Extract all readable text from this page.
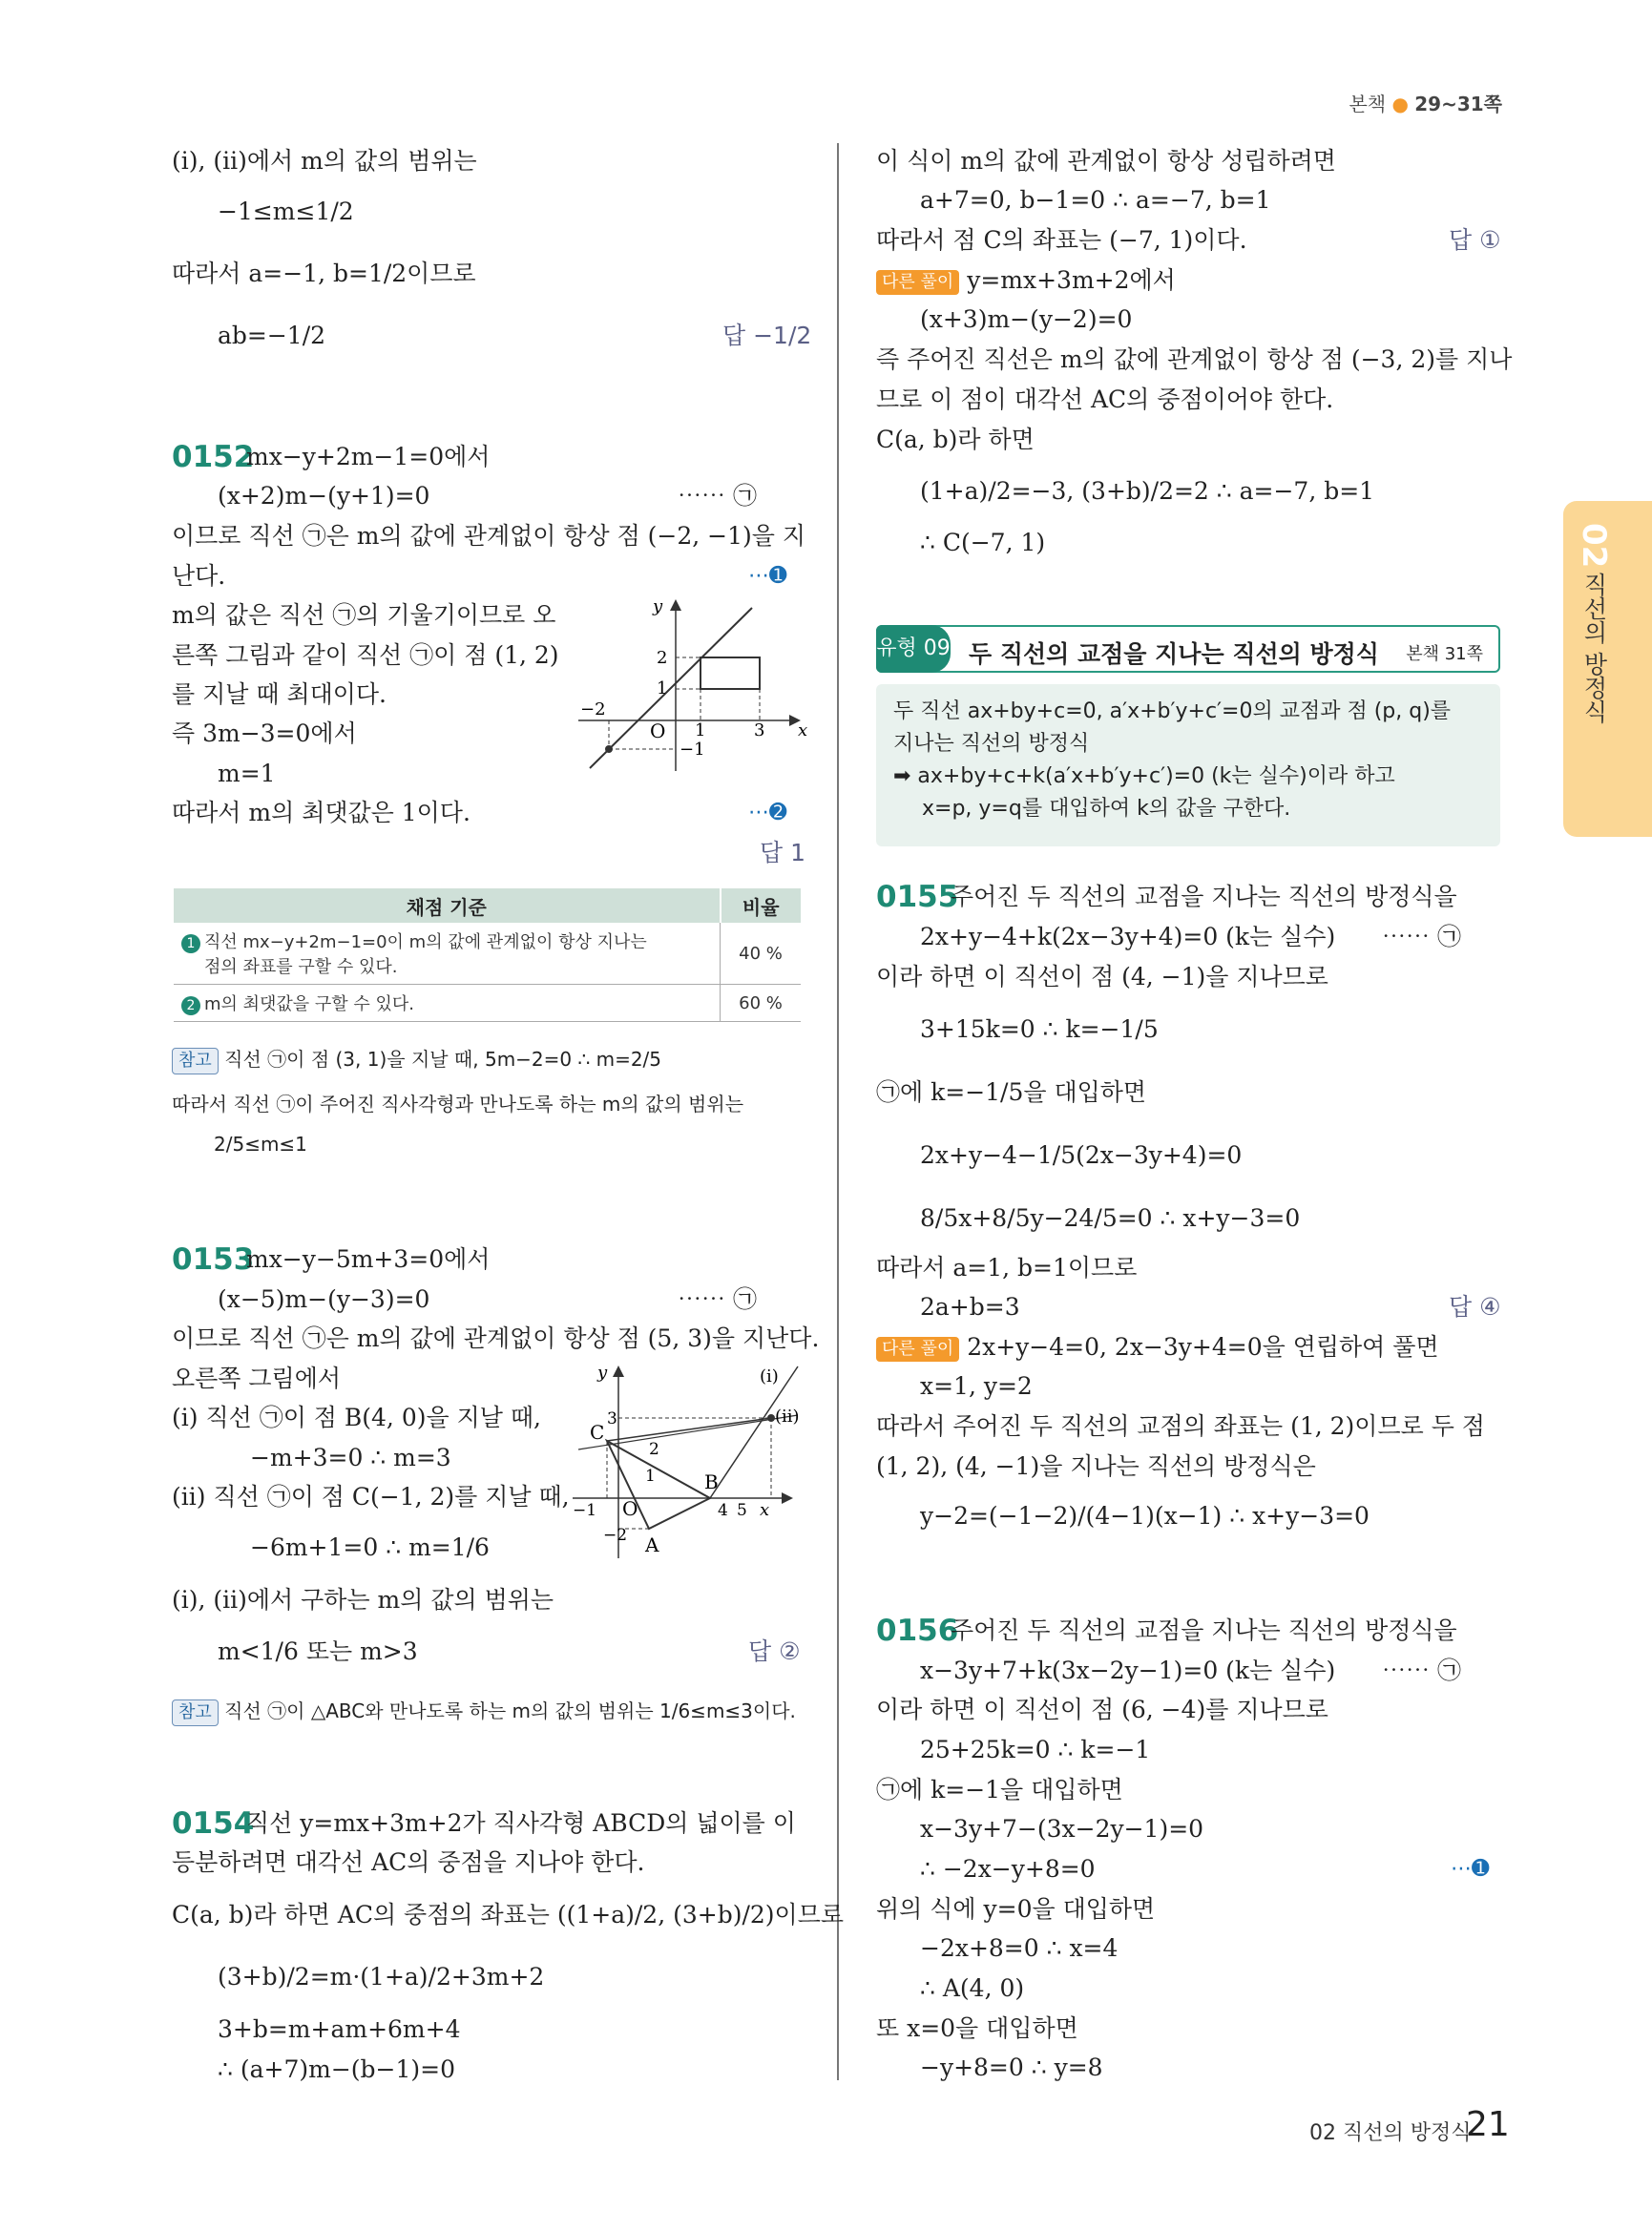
본책 ● 29~31쪽
02
직선의 방정식
02 직선의 방정식
21
(i), (ii)에서 m의 값의 범위는
−1≤m≤1/2
따라서 a=−1, b=1/2이므로
ab=−1/2	답 −1/2
0152
mx−y+2m−1=0에서
(x+2)m−(y+1)=0	⋯⋯ ㉠
이므로 직선 ㉠은 m의 값에 관계없이 항상 점 (−2, −1)을 지
난다.	⋯➊
m의 값은 직선 ㉠의 기울기이므로 오
른쪽 그림과 같이 직선 ㉠이 점 (1, 2)
를 지날 때 최대이다.
즉 3m−3=0에서
m=1
따라서 m의 최댓값은 1이다.	⋯➋
답 1
y
x
O
2
1
−2
1	3
−1
채점 기준	비율
1 직선 mx−y+2m−1=0이 m의 값에 관계없이 항상 지나는
점의 좌표를 구할 수 있다.	40 %
2 m의 최댓값을 구할 수 있다.	60 %
참고 직선 ㉠이 점 (3, 1)을 지날 때, 5m−2=0 ∴ m=2/5
따라서 직선 ㉠이 주어진 직사각형과 만나도록 하는 m의 값의 범위는
2/5≤m≤1
0153
mx−y−5m+3=0에서
(x−5)m−(y−3)=0	⋯⋯ ㉠
이므로 직선 ㉠은 m의 값에 관계없이 항상 점 (5, 3)을 지난다.
오른쪽 그림에서
(i) 직선 ㉠이 점 B(4, 0)을 지날 때,
−m+3=0 ∴ m=3
(ii) 직선 ㉠이 점 C(−1, 2)를 지날 때,
−6m+1=0 ∴ m=1/6
(i), (ii)에서 구하는 m의 값의 범위는
m<1/6 또는 m>3	답 ②
참고 직선 ㉠이 △ABC와 만나도록 하는 m의 값의 범위는 1/6≤m≤3이다.
y	(i)
(ii)
C
B
A
O
3
2
1
−1
−2
4 5 x
0154
직선 y=mx+3m+2가 직사각형 ABCD의 넓이를 이
등분하려면 대각선 AC의 중점을 지나야 한다.
C(a, b)라 하면 AC의 중점의 좌표는 ((1+a)/2, (3+b)/2)이므로
(3+b)/2=m·(1+a)/2+3m+2
3+b=m+am+6m+4
∴ (a+7)m−(b−1)=0
이 식이 m의 값에 관계없이 항상 성립하려면
a+7=0, b−1=0 ∴ a=−7, b=1
따라서 점 C의 좌표는 (−7, 1)이다.	답 ①
다른 풀이 y=mx+3m+2에서
(x+3)m−(y−2)=0
즉 주어진 직선은 m의 값에 관계없이 항상 점 (−3, 2)를 지나
므로 이 점이 대각선 AC의 중점이어야 한다.
C(a, b)라 하면
(1+a)/2=−3, (3+b)/2=2 ∴ a=−7, b=1
∴ C(−7, 1)
유형 09 두 직선의 교점을 지나는 직선의 방정식 본책 31쪽
두 직선 ax+by+c=0, a′x+b′y+c′=0의 교점과 점 (p, q)를
지나는 직선의 방정식
➡ ax+by+c+k(a′x+b′y+c′)=0 (k는 실수)이라 하고
x=p, y=q를 대입하여 k의 값을 구한다.
0155
주어진 두 직선의 교점을 지나는 직선의 방정식을
2x+y−4+k(2x−3y+4)=0 (k는 실수) ⋯⋯ ㉠
이라 하면 이 직선이 점 (4, −1)을 지나므로
3+15k=0 ∴ k=−1/5
㉠에 k=−1/5을 대입하면
2x+y−4−1/5(2x−3y+4)=0
8/5x+8/5y−24/5=0 ∴ x+y−3=0
따라서 a=1, b=1이므로
2a+b=3	답 ④
다른 풀이 2x+y−4=0, 2x−3y+4=0을 연립하여 풀면
x=1, y=2
따라서 주어진 두 직선의 교점의 좌표는 (1, 2)이므로 두 점
(1, 2), (4, −1)을 지나는 직선의 방정식은
y−2=(−1−2)/(4−1)(x−1) ∴ x+y−3=0
0156
주어진 두 직선의 교점을 지나는 직선의 방정식을
x−3y+7+k(3x−2y−1)=0 (k는 실수) ⋯⋯ ㉠
이라 하면 이 직선이 점 (6, −4)를 지나므로
25+25k=0 ∴ k=−1
㉠에 k=−1을 대입하면
x−3y+7−(3x−2y−1)=0
∴ −2x−y+8=0	⋯➊
위의 식에 y=0을 대입하면
−2x+8=0 ∴ x=4
∴ A(4, 0)
또 x=0을 대입하면
−y+8=0 ∴ y=8
